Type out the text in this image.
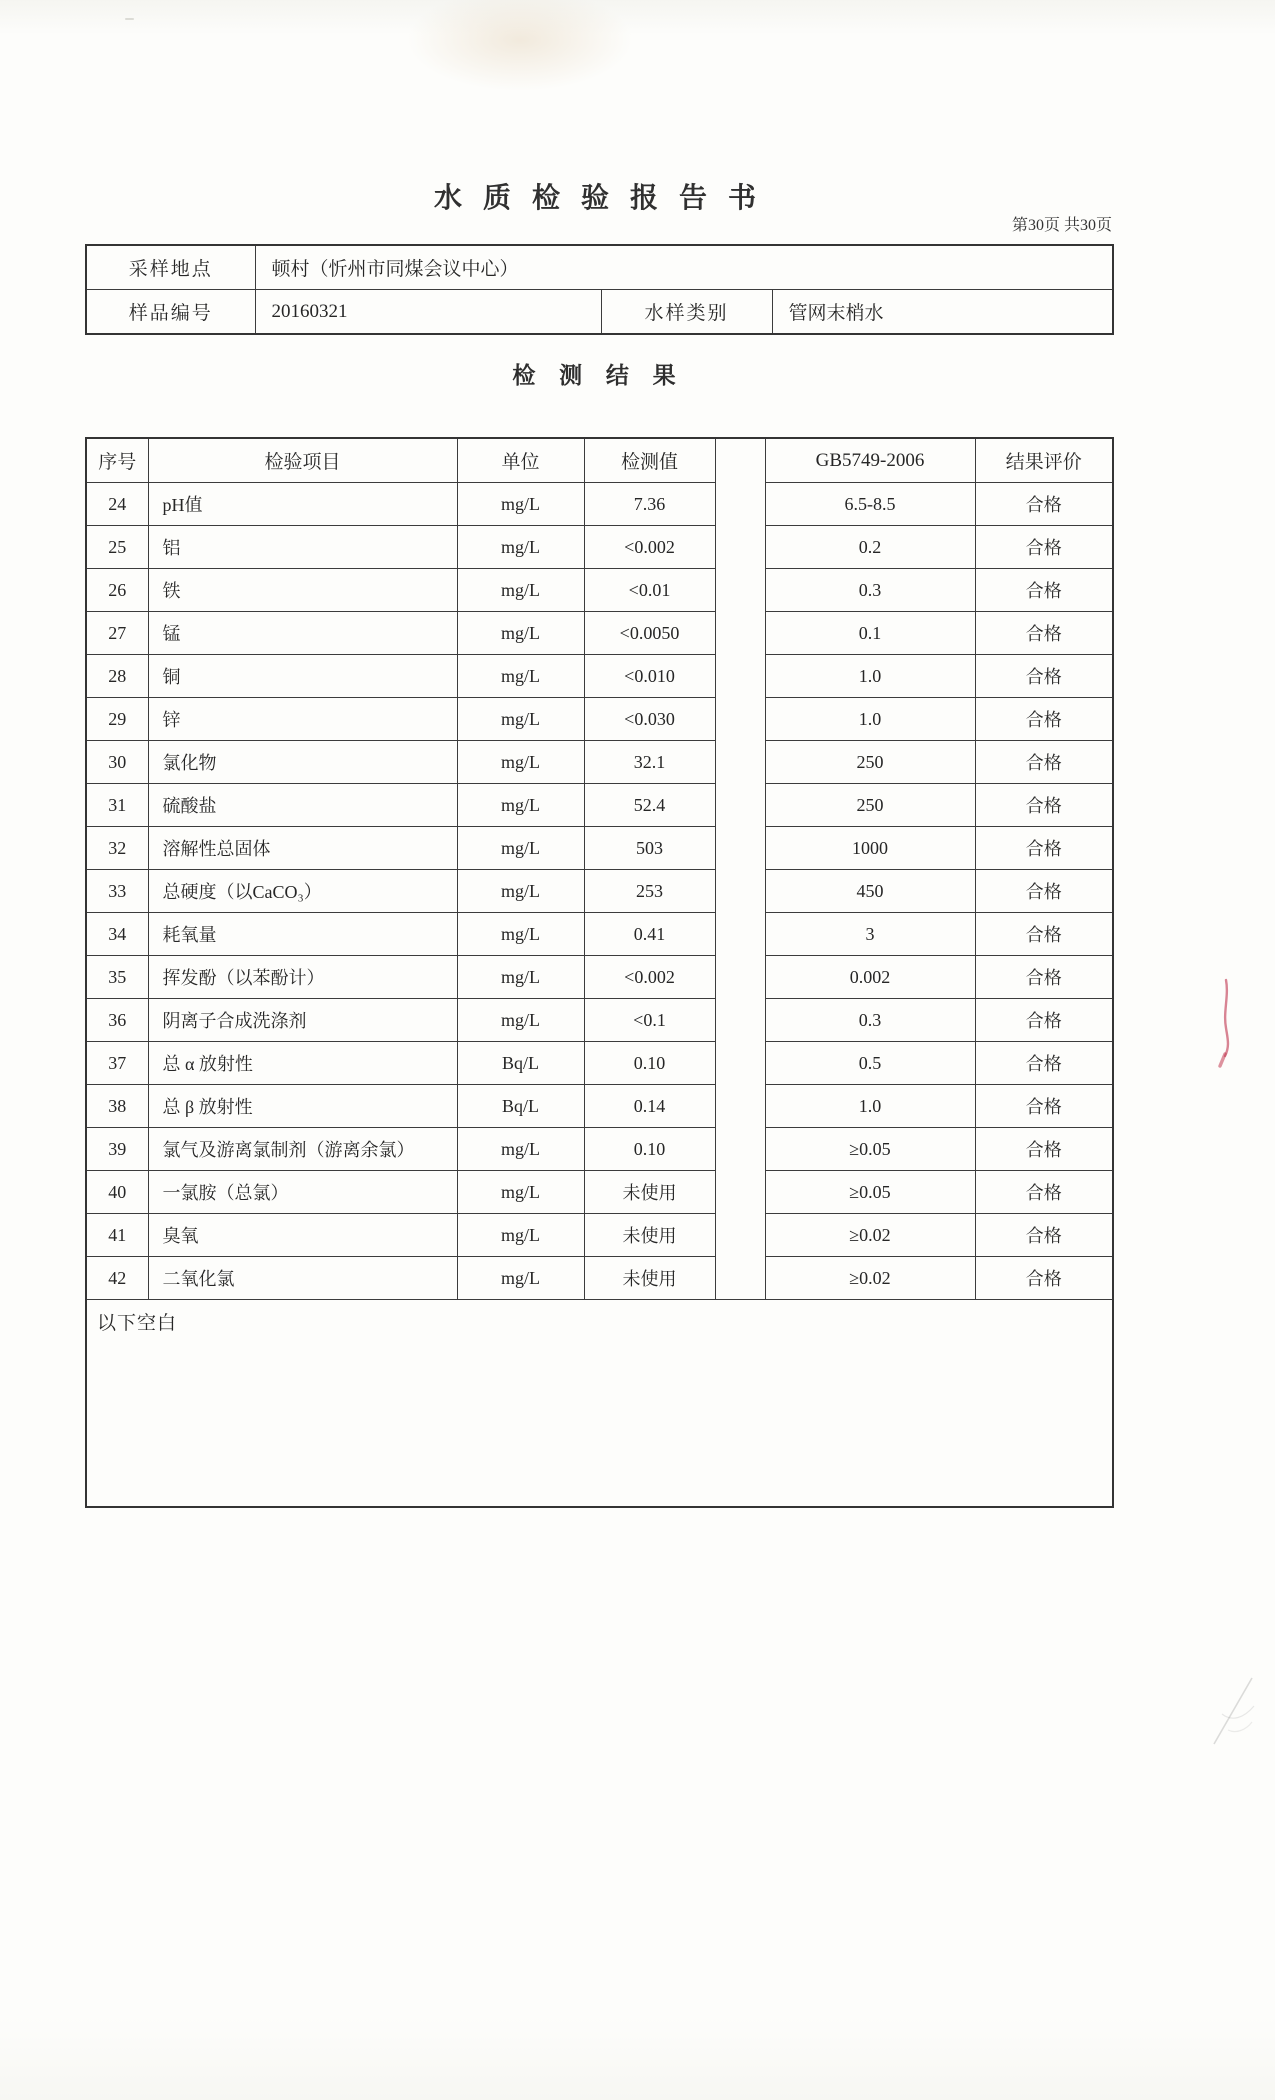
水 质 检 验 报 告 书
第30页 共30页
采样地点	顿村（忻州市同煤会议中心）		
样品编号	20160321	水样类别	管网末梢水
检 测 结 果
序号	检验项目	单位	检测值		GB5749-2006	结果评价
24	pH值	mg/L	7.36		6.5-8.5	合格
25	铝	mg/L	<0.002		0.2	合格
26	铁	mg/L	<0.01		0.3	合格
27	锰	mg/L	<0.0050		0.1	合格
28	铜	mg/L	<0.010		1.0	合格
29	锌	mg/L	<0.030		1.0	合格
30	氯化物	mg/L	32.1		250	合格
31	硫酸盐	mg/L	52.4		250	合格
32	溶解性总固体	mg/L	503		1000	合格
33	总硬度（以CaCO₃）	mg/L	253		450	合格
34	耗氧量	mg/L	0.41		3	合格
35	挥发酚（以苯酚计）	mg/L	<0.002		0.002	合格
36	阴离子合成洗涤剂	mg/L	<0.1		0.3	合格
37	总 α 放射性	Bq/L	0.10		0.5	合格
38	总 β 放射性	Bq/L	0.14		1.0	合格
39	氯气及游离氯制剂（游离余氯）	mg/L	0.10		≥0.05	合格
40	一氯胺（总氯）	mg/L	未使用		≥0.05	合格
41	臭氧	mg/L	未使用		≥0.02	合格
42	二氧化氯	mg/L	未使用		≥0.02	合格
以下空白						
